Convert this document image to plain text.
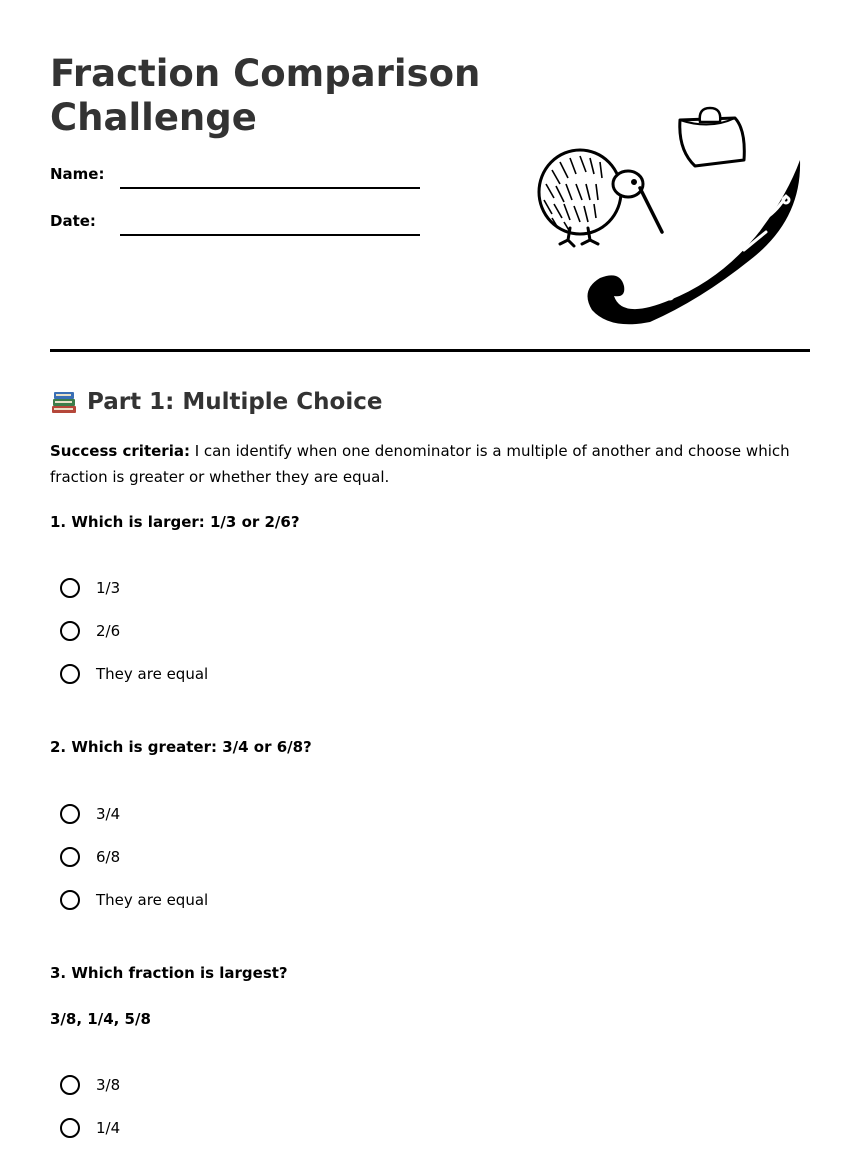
Fraction Comparison Challenge
Name:
Date:
Part 1: Multiple Choice
Success criteria: I can identify when one denominator is a multiple of another and choose which fraction is greater or whether they are equal.
1. Which is larger: 1/3 or 2/6?
1/3
2/6
They are equal
2. Which is greater: 3/4 or 6/8?
3/4
6/8
They are equal
3. Which fraction is largest?
3/8, 1/4, 5/8
3/8
1/4
